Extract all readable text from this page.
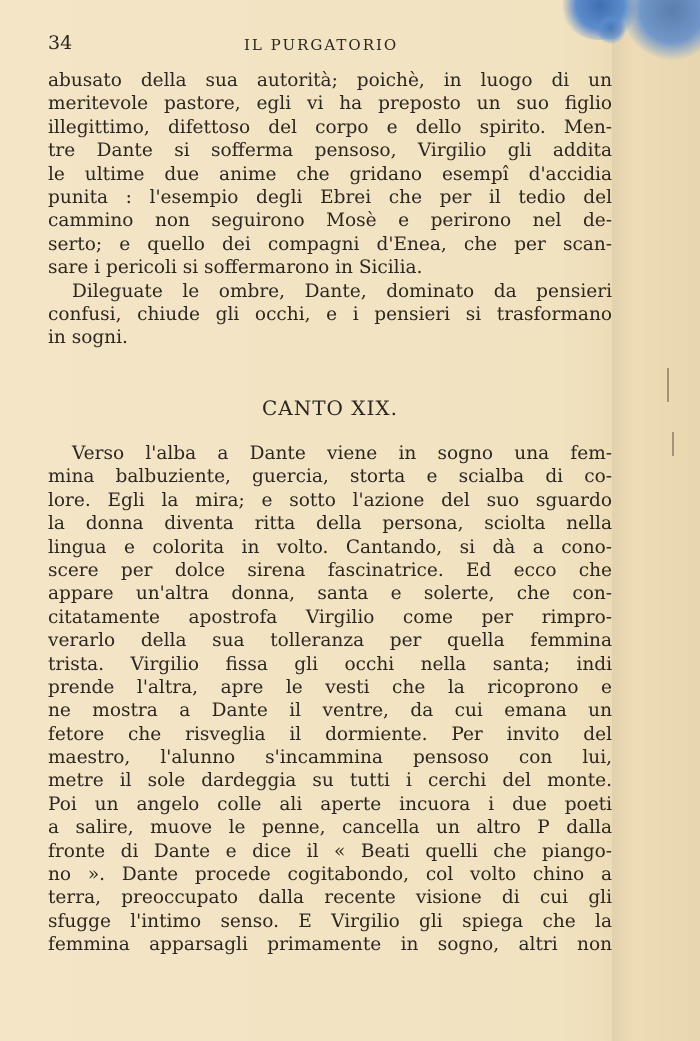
34	IL PURGATORIO
abusato della sua autorità; poichè, in luogo di un
meritevole pastore, egli vi ha preposto un suo figlio
illegittimo, difettoso del corpo e dello spirito. Men-
tre Dante si sofferma pensoso, Virgilio gli addita
le ultime due anime che gridano esempî d'accidia
punita : l'esempio degli Ebrei che per il tedio del
cammino non seguirono Mosè e perirono nel de-
serto; e quello dei compagni d'Enea, che per scan-
sare i pericoli si soffermarono in Sicilia.
Dileguate le ombre, Dante, dominato da pensieri
confusi, chiude gli occhi, e i pensieri si trasformano
in sogni.
CANTO XIX.
Verso l'alba a Dante viene in sogno una fem-
mina balbuziente, guercia, storta e scialba di co-
lore. Egli la mira; e sotto l'azione del suo sguardo
la donna diventa ritta della persona, sciolta nella
lingua e colorita in volto. Cantando, si dà a cono-
scere per dolce sirena fascinatrice. Ed ecco che
appare un'altra donna, santa e solerte, che con-
citatamente apostrofa Virgilio come per rimpro-
verarlo della sua tolleranza per quella femmina
trista. Virgilio fissa gli occhi nella santa; indi
prende l'altra, apre le vesti che la ricoprono e
ne mostra a Dante il ventre, da cui emana un
fetore che risveglia il dormiente. Per invito del
maestro, l'alunno s'incammina pensoso con lui,
metre il sole dardeggia su tutti i cerchi del monte.
Poi un angelo colle ali aperte incuora i due poeti
a salire, muove le penne, cancella un altro P dalla
fronte di Dante e dice il « Beati quelli che piango-
no ». Dante procede cogitabondo, col volto chino a
terra, preoccupato dalla recente visione di cui gli
sfugge l'intimo senso. E Virgilio gli spiega che la
femmina apparsagli primamente in sogno, altri non
